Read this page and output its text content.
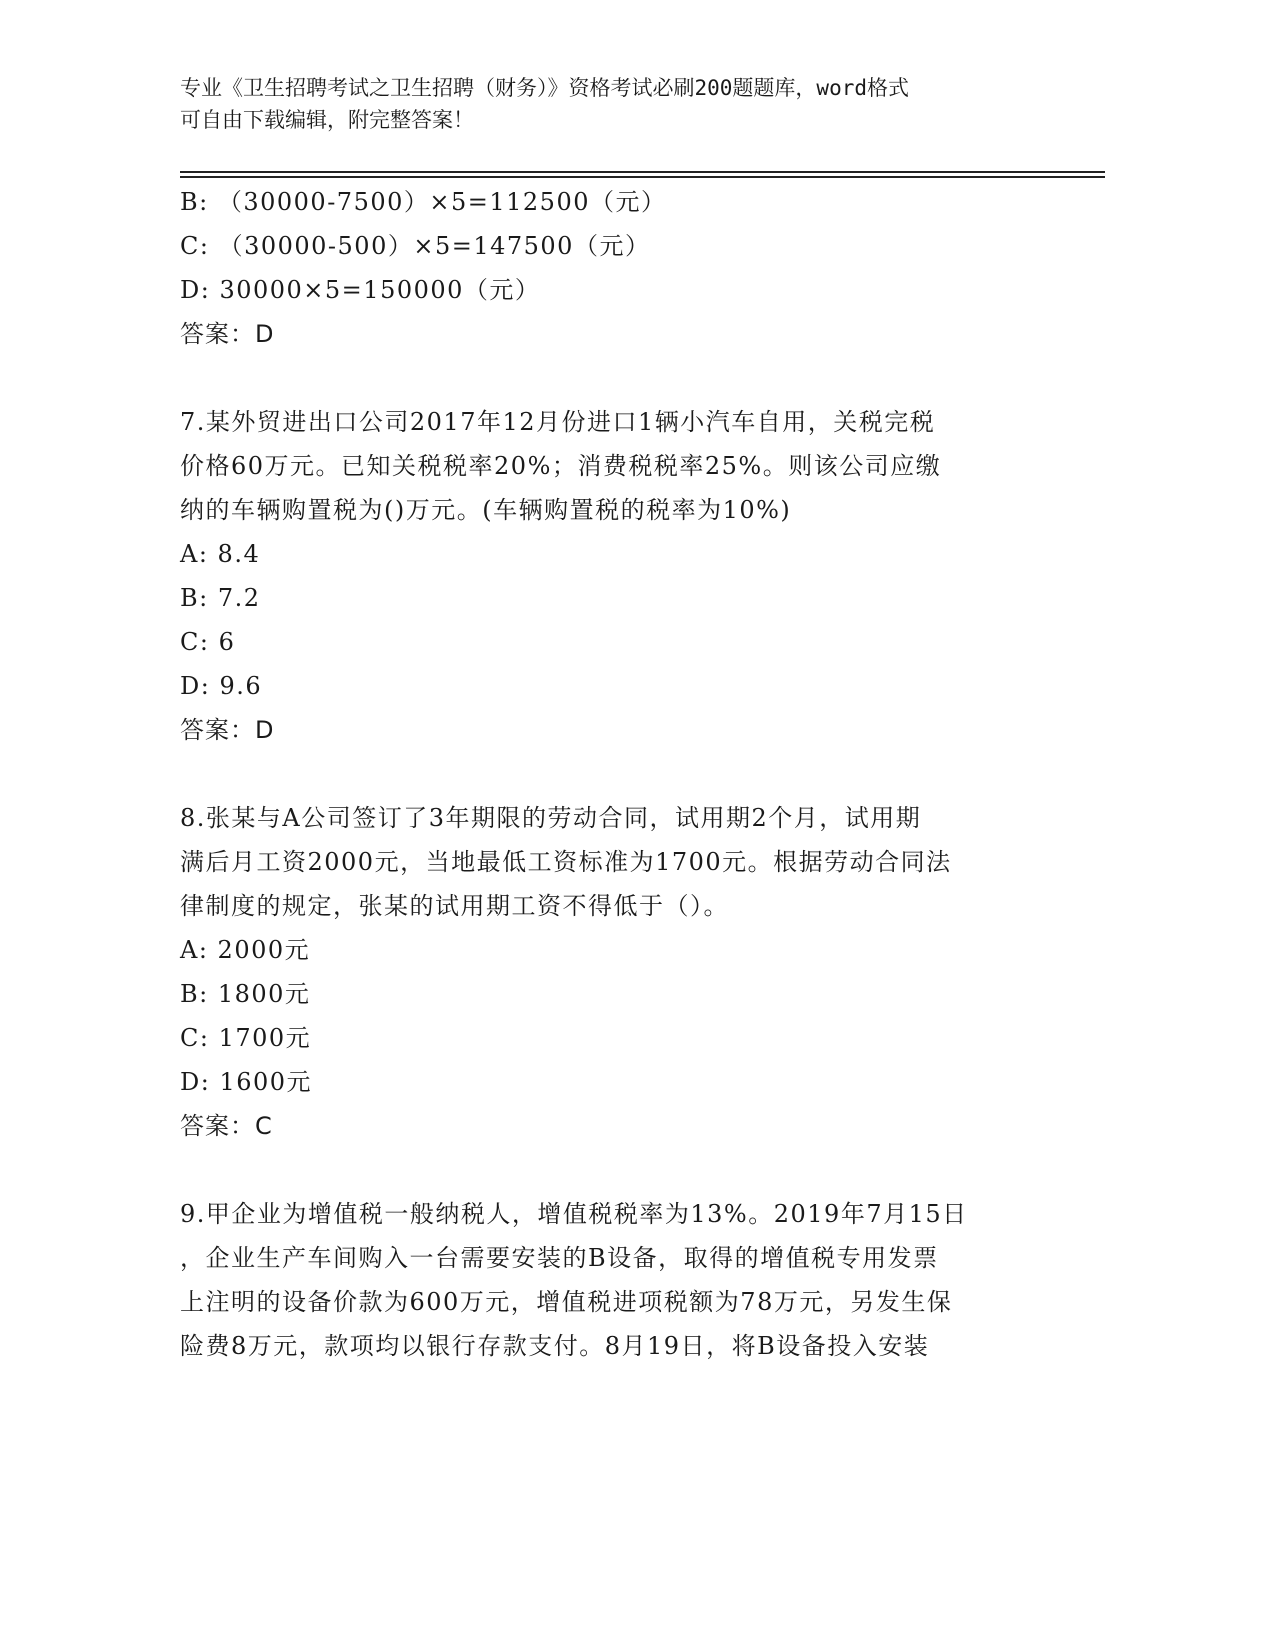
专业《卫生招聘考试之卫生招聘（财务）》资格考试必刷200题题库，word格式
可自由下载编辑，附完整答案！
B: （30000-7500）×5=112500（元）
C: （30000-500）×5=147500（元）
D: 30000×5=150000（元）
答案：D
7.某外贸进出口公司2017年12月份进口1辆小汽车自用，关税完税
价格60万元。已知关税税率20%；消费税税率25%。则该公司应缴
纳的车辆购置税为()万元。(车辆购置税的税率为10%)
A: 8.4
B: 7.2
C: 6
D: 9.6
答案：D
8.张某与A公司签订了3年期限的劳动合同，试用期2个月，试用期
满后月工资2000元，当地最低工资标准为1700元。根据劳动合同法
律制度的规定，张某的试用期工资不得低于（）。
A: 2000元
B: 1800元
C: 1700元
D: 1600元
答案：C
9.甲企业为增值税一般纳税人，增值税税率为13%。2019年7月15日
，企业生产车间购入一台需要安装的B设备，取得的增值税专用发票
上注明的设备价款为600万元，增值税进项税额为78万元，另发生保
险费8万元，款项均以银行存款支付。8月19日，将B设备投入安装
